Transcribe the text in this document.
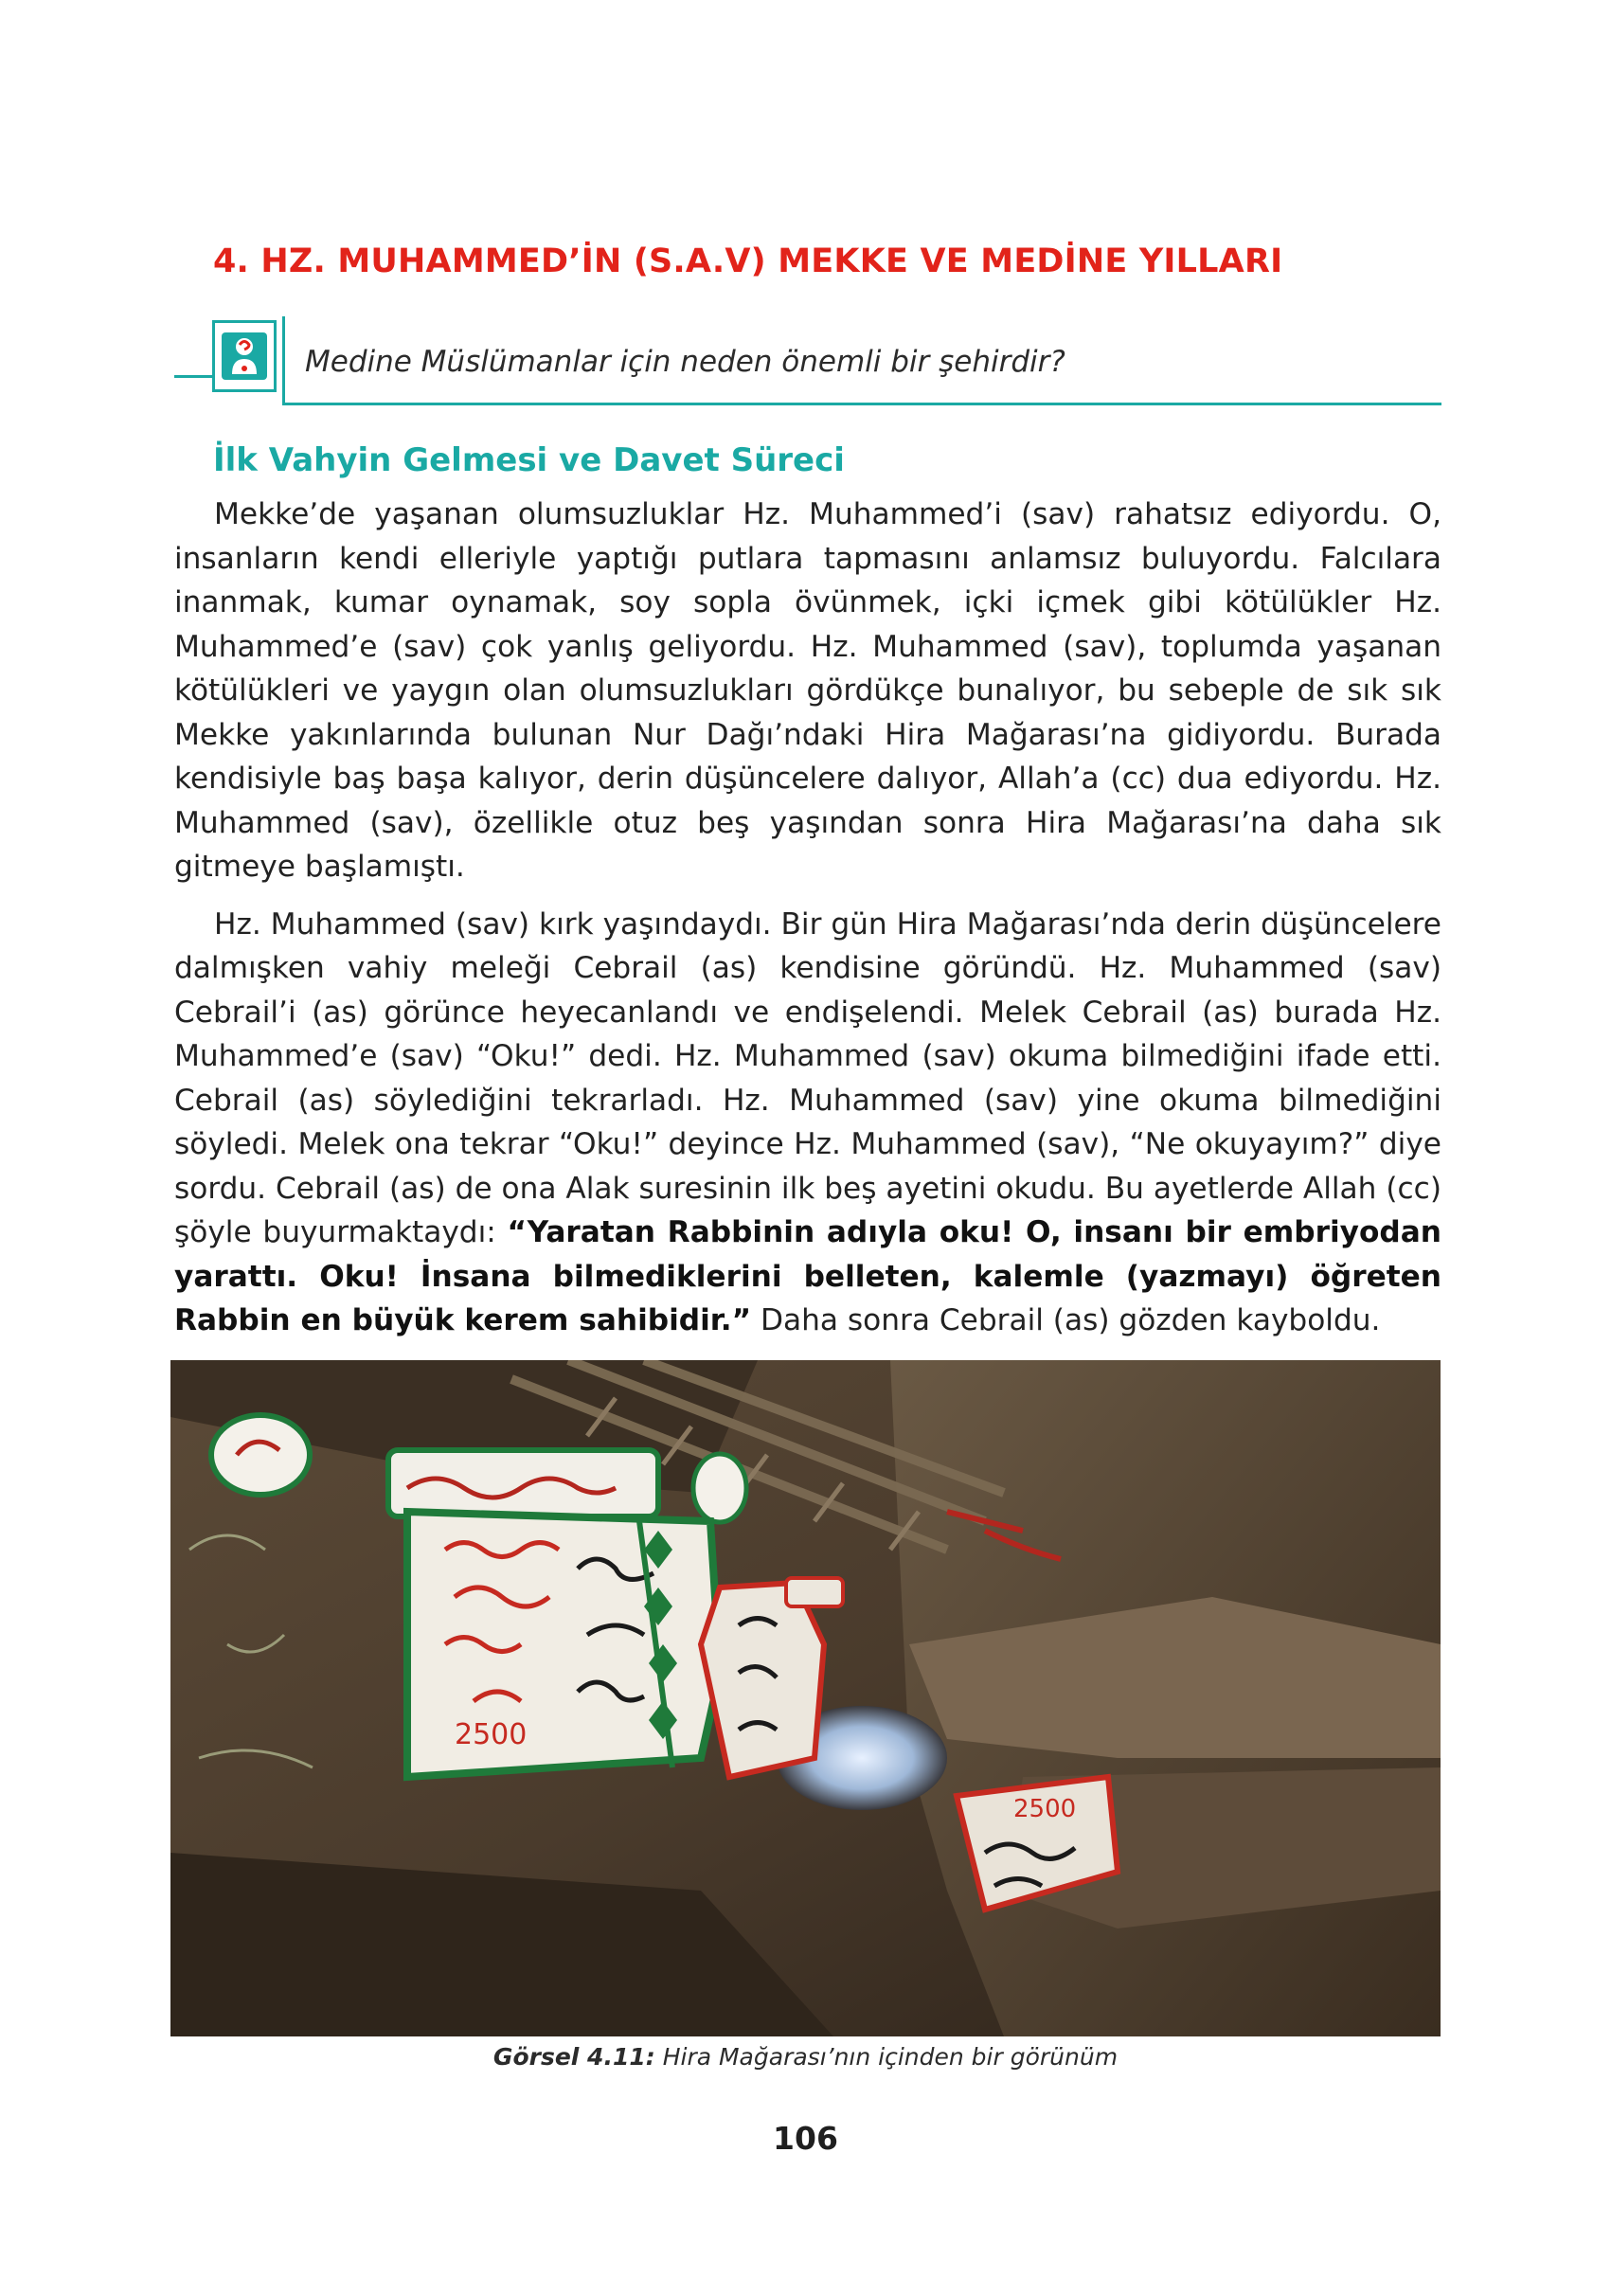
4. HZ. MUHAMMED’İN (S.A.V) MEKKE VE MEDİNE YILLARI
Medine Müslümanlar için neden önemli bir şehirdir?
İlk Vahyin Gelmesi ve Davet Süreci

Mekke’de yaşanan olumsuzluklar Hz. Muhammed’i (sav) rahatsız ediyordu. O, insanların kendi elleriyle yaptığı putlara tapmasını anlamsız buluyordu. Falcılara inanmak, kumar oynamak, soy sopla övünmek, içki içmek gibi kötülükler Hz. Muhammed’e (sav) çok yanlış geliyordu. Hz. Muhammed (sav), toplumda yaşanan kötülükleri ve yaygın olan olumsuzlukları gördükçe bunalıyor, bu sebeple de sık sık Mekke yakınlarında bulunan Nur Dağı’ndaki Hira Mağarası’na gidiyordu. Burada kendisiyle baş başa kalıyor, derin düşüncelere dalıyor, Allah’a (cc) dua ediyordu. Hz. Muhammed (sav), özellikle otuz beş yaşından sonra Hira Mağarası’na daha sık gitmeye başlamıştı.

Hz. Muhammed (sav) kırk yaşındaydı. Bir gün Hira Mağarası’nda derin düşüncelere dalmışken vahiy meleği Cebrail (as) kendisine göründü. Hz. Muhammed (sav) Cebrail’i (as) görünce heyecanlandı ve endişelendi. Melek Cebrail (as) burada Hz. Muhammed’e (sav) “Oku!” dedi. Hz. Muhammed (sav) okuma bilmediğini ifade etti. Cebrail (as) söylediğini tekrarladı. Hz. Muhammed (sav) yine okuma bilmediğini söyledi. Melek ona tekrar “Oku!” deyince Hz. Muhammed (sav), “Ne okuyayım?” diye sordu. Cebrail (as) de ona Alak suresinin ilk beş ayetini okudu. Bu ayetlerde Allah (cc) şöyle buyurmaktaydı: “Yaratan Rabbinin adıyla oku! O, insanı bir embriyodan yarattı. Oku! İnsana bilmediklerini belleten, kalemle (yazmayı) öğreten Rabbin en büyük kerem sahibidir.” Daha sonra Cebrail (as) gözden kayboldu.

2500
2500
Görsel 4.11: Hira Mağarası’nın içinden bir görünüm
106
